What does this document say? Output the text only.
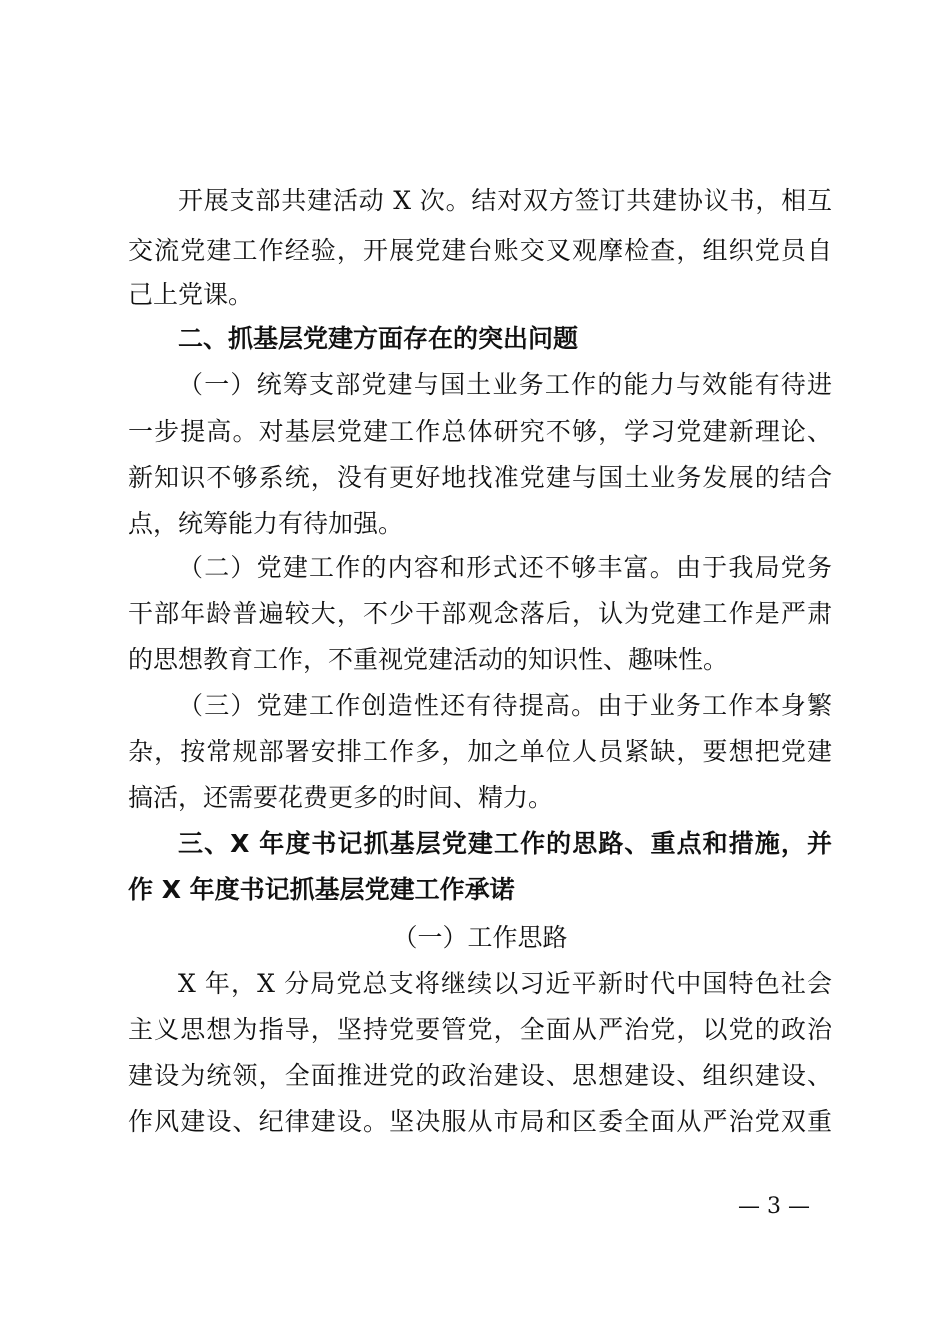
开展支部共建活动 X 次。结对双方签订共建协议书，相互
交流党建工作经验，开展党建台账交叉观摩检查，组织党员自
己上党课。
二、抓基层党建方面存在的突出问题
（一）统筹支部党建与国土业务工作的能力与效能有待进
一步提高。对基层党建工作总体研究不够，学习党建新理论、
新知识不够系统，没有更好地找准党建与国土业务发展的结合
点，统筹能力有待加强。
（二）党建工作的内容和形式还不够丰富。由于我局党务
干部年龄普遍较大，不少干部观念落后，认为党建工作是严肃
的思想教育工作，不重视党建活动的知识性、趣味性。
（三）党建工作创造性还有待提高。由于业务工作本身繁
杂，按常规部署安排工作多，加之单位人员紧缺，要想把党建
搞活，还需要花费更多的时间、精力。
三、X 年度书记抓基层党建工作的思路、重点和措施，并
作 X 年度书记抓基层党建工作承诺
（一）工作思路
X 年，X 分局党总支将继续以习近平新时代中国特色社会
主义思想为指导，坚持党要管党，全面从严治党，以党的政治
建设为统领，全面推进党的政治建设、思想建设、组织建设、
作风建设、纪律建设。坚决服从市局和区委全面从严治党双重
— 3 —
